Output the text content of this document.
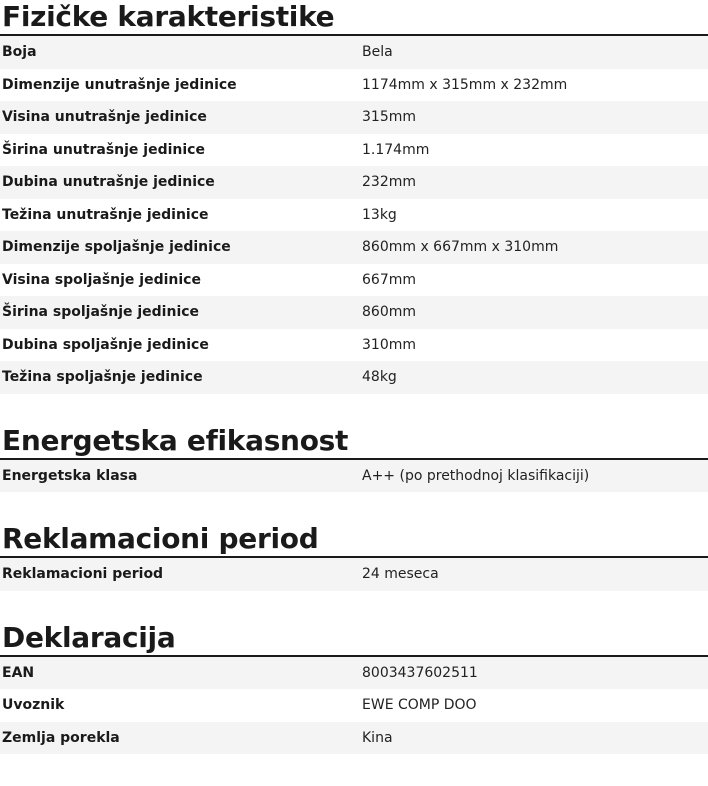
Fizičke karakteristike
Boja	Bela
Dimenzije unutrašnje jedinice	1174mm x 315mm x 232mm
Visina unutrašnje jedinice	315mm
Širina unutrašnje jedinice	1.174mm
Dubina unutrašnje jedinice	232mm
Težina unutrašnje jedinice	13kg
Dimenzije spoljašnje jedinice	860mm x 667mm x 310mm
Visina spoljašnje jedinice	667mm
Širina spoljašnje jedinice	860mm
Dubina spoljašnje jedinice	310mm
Težina spoljašnje jedinice	48kg
Energetska efikasnost
Energetska klasa	A++ (po prethodnoj klasifikaciji)
Reklamacioni period
Reklamacioni period	24 meseca
Deklaracija
EAN	8003437602511
Uvoznik	EWE COMP DOO
Zemlja porekla	Kina
